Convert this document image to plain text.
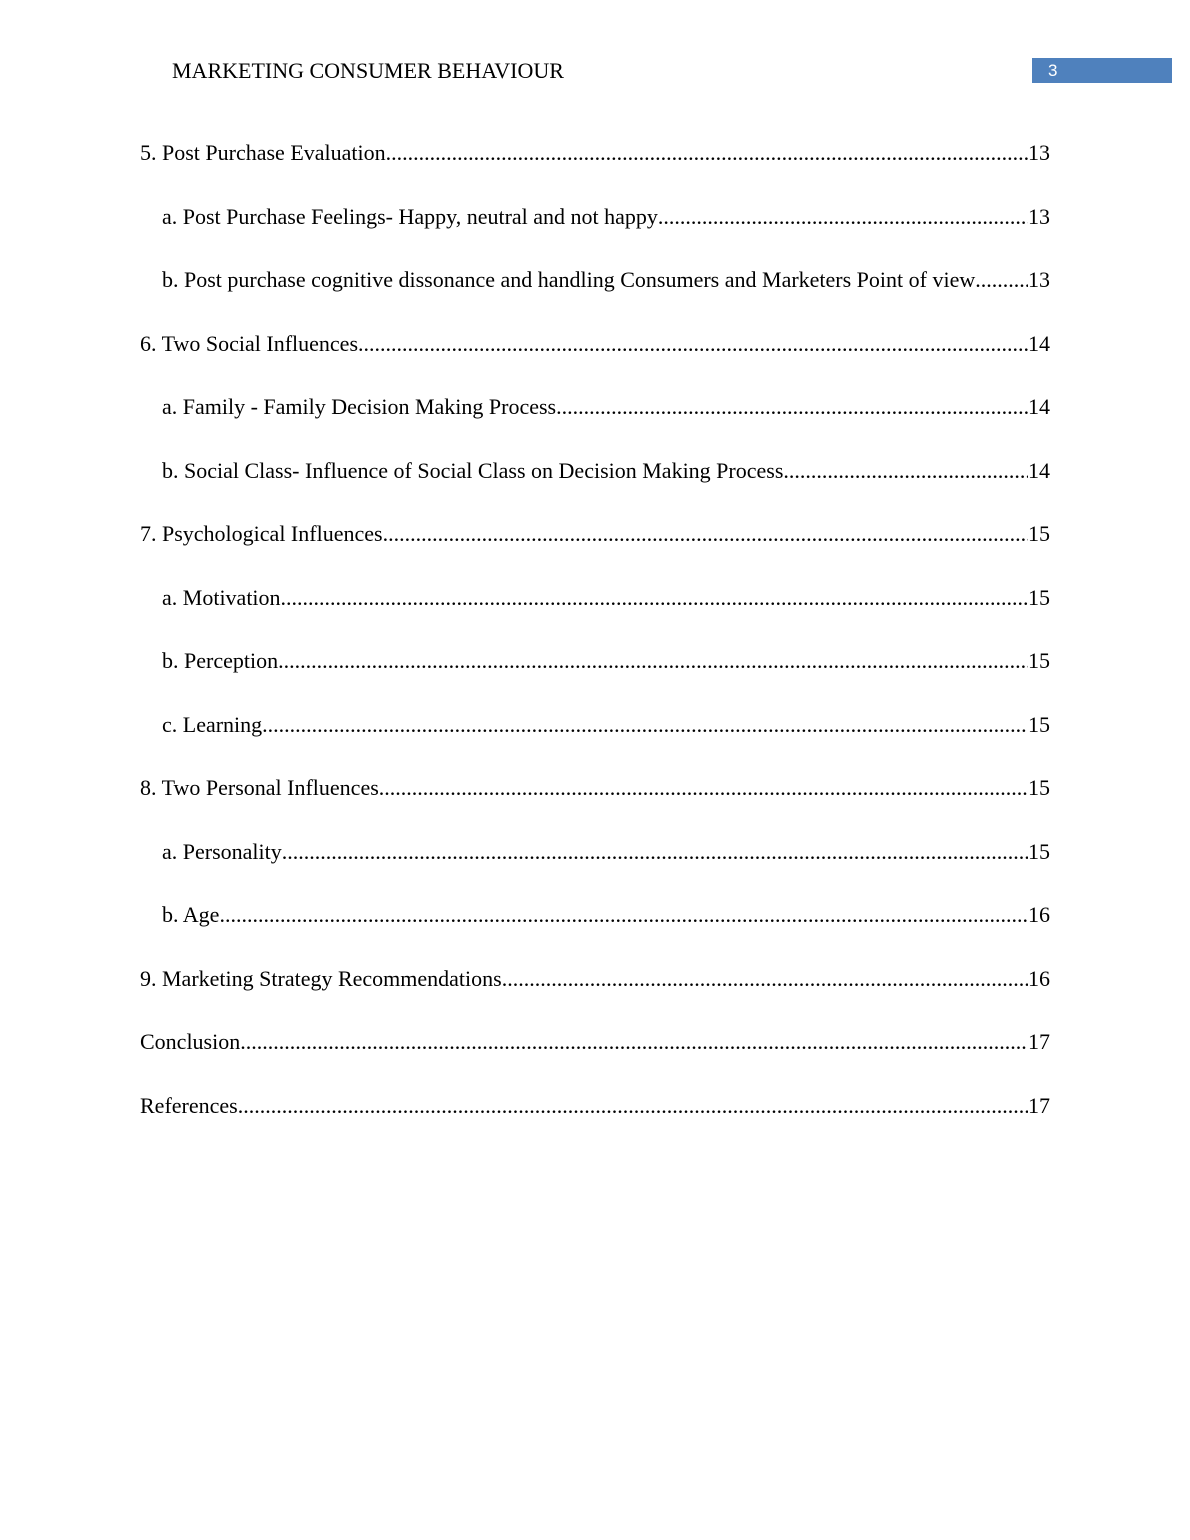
MARKETING CONSUMER BEHAVIOUR	3
5. Post Purchase Evaluation .....	13
a. Post Purchase Feelings- Happy, neutral and not happy .....	13
b. Post purchase cognitive dissonance and handling Consumers and Marketers Point of view ..... 13
6. Two Social Influences .....	14
a. Family - Family Decision Making Process .....	14
b. Social Class- Influence of Social Class on Decision Making Process .....	14
7. Psychological Influences .....	15
a. Motivation .....	15
b. Perception .....	15
c. Learning .....	15
8. Two Personal Influences .....	15
a. Personality .....	15
b. Age .....	16
9. Marketing Strategy Recommendations .....	16
Conclusion .....	17
References .....	17
